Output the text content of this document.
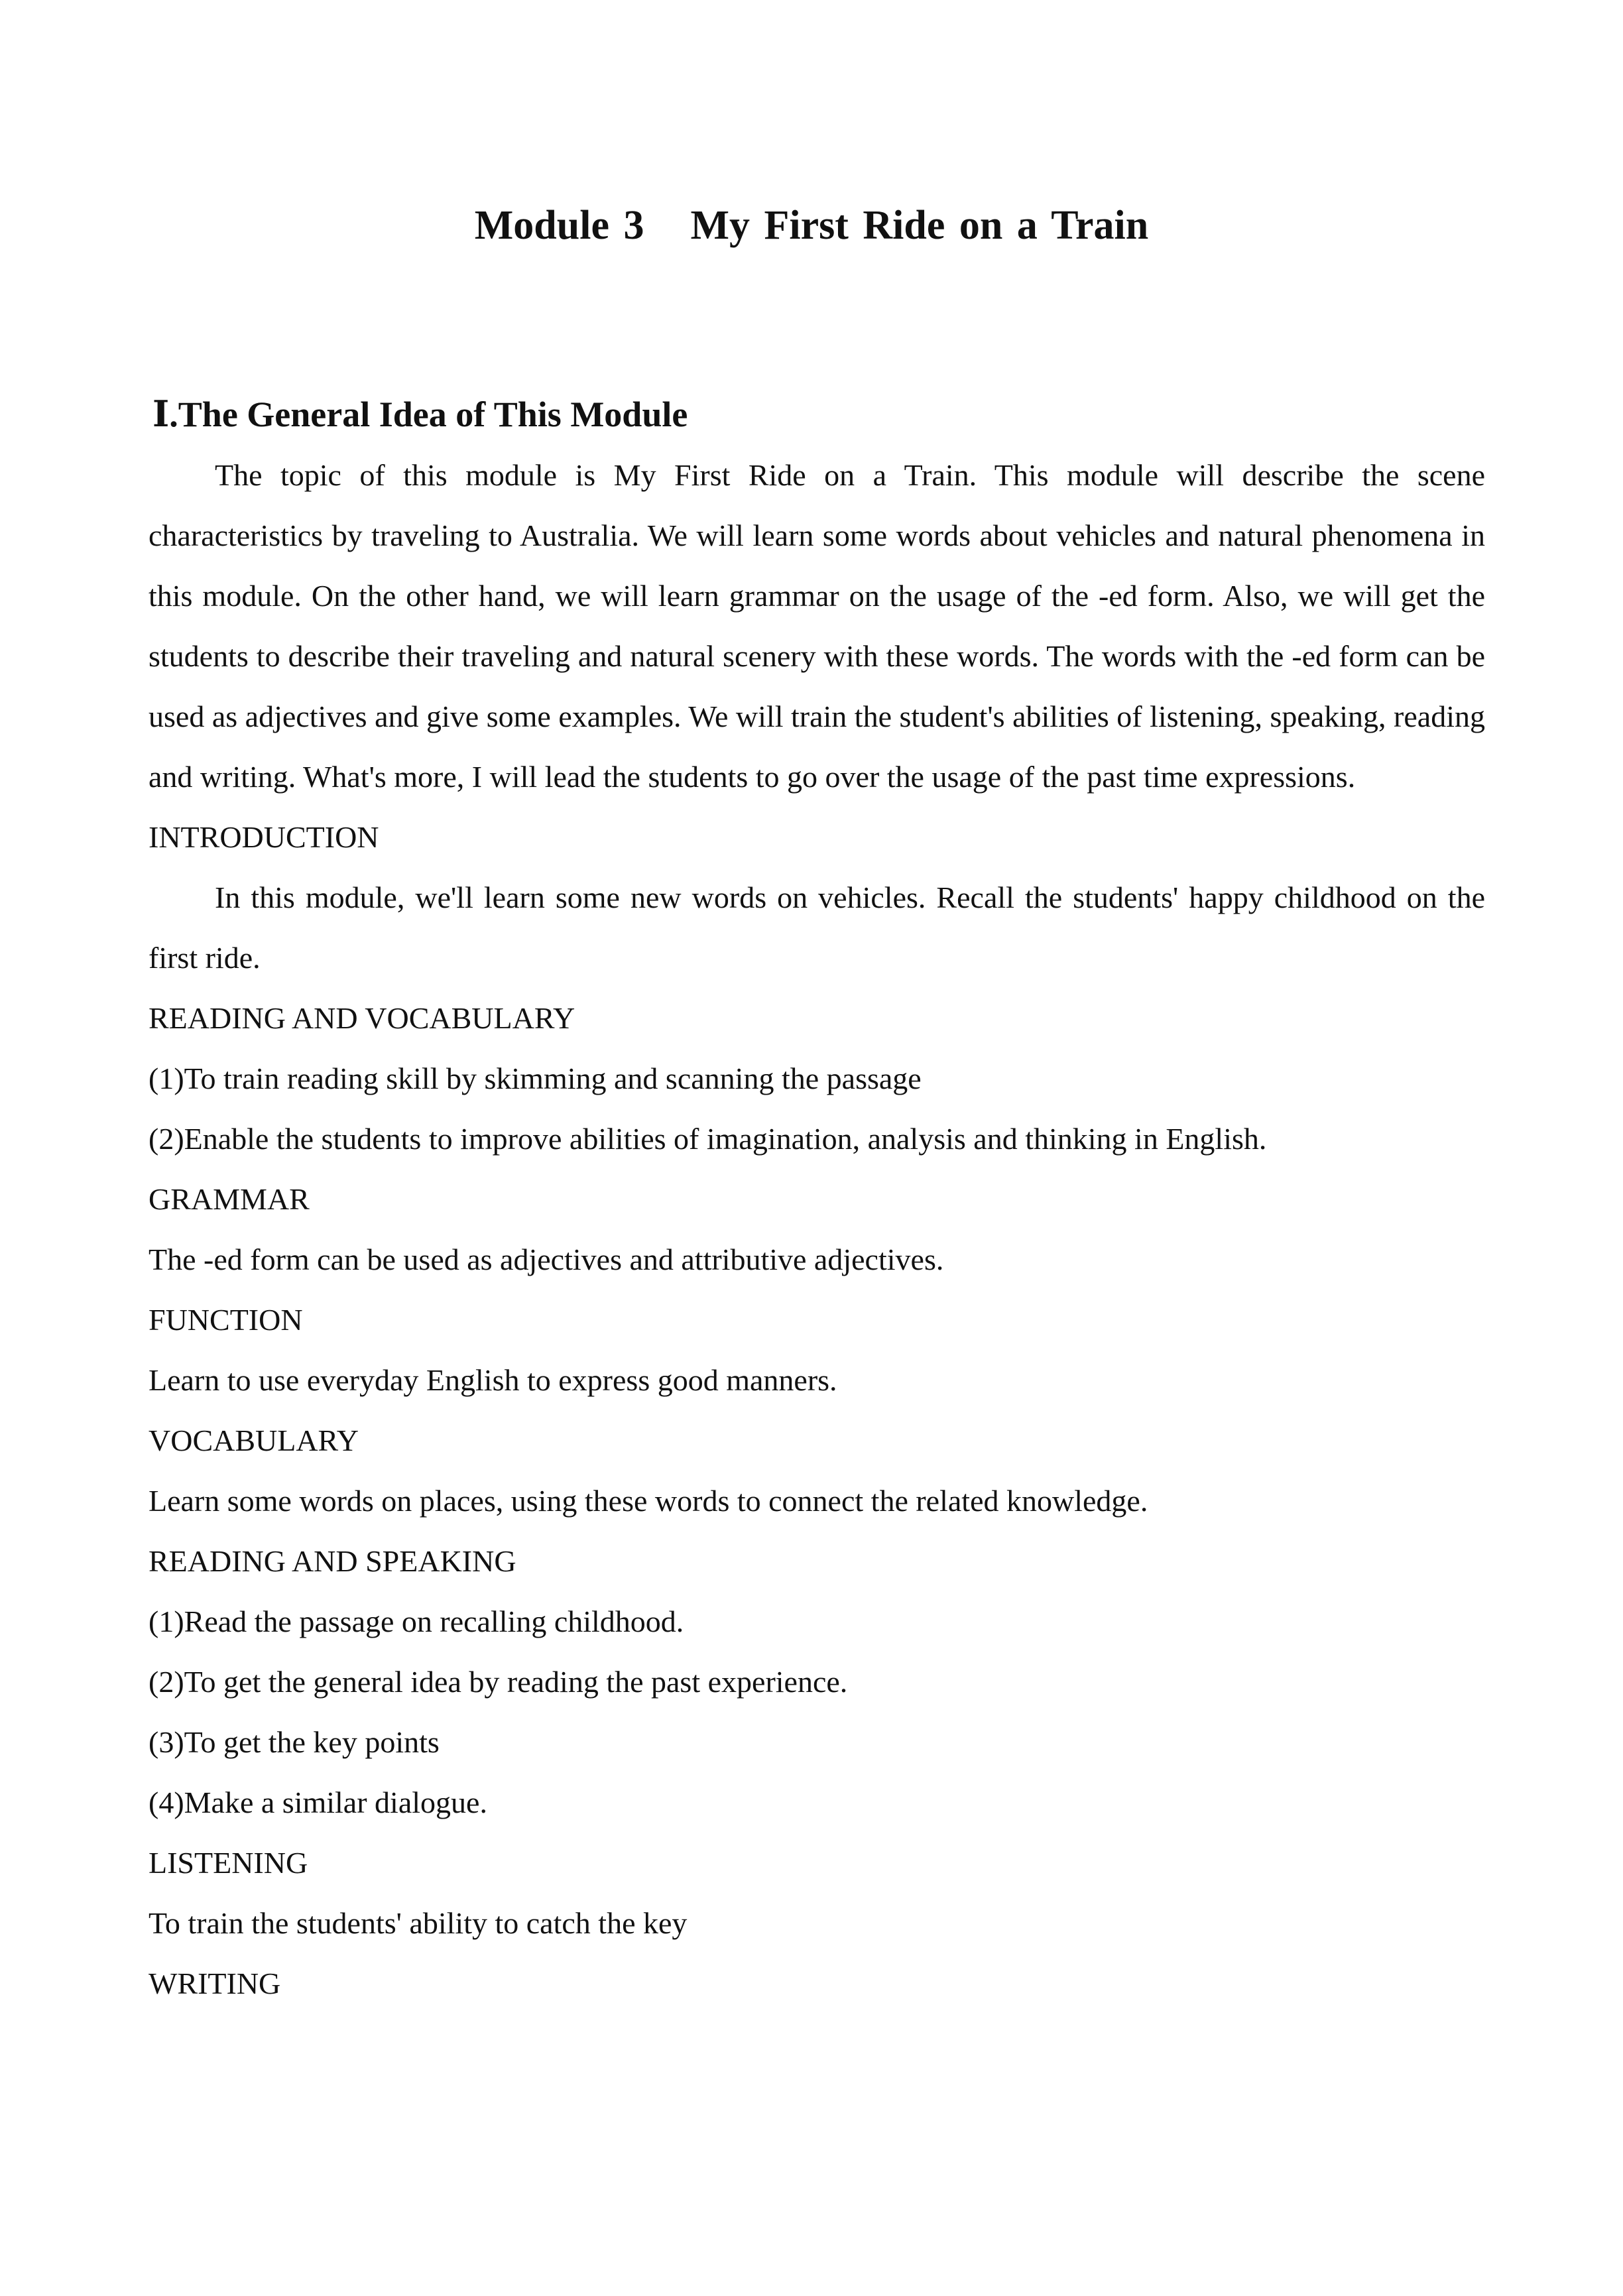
Module 3 My First Ride on a Train
Ⅰ.The General Idea of This Module

The topic of this module is My First Ride on a Train. This module will describe the scene characteristics by traveling to Australia. We will learn some words about vehicles and natural phenomena in this module. On the other hand, we will learn grammar on the usage of the -ed form. Also, we will get the students to describe their traveling and natural scenery with these words. The words with the -ed form can be used as adjectives and give some examples. We will train the student's abilities of listening, speaking, reading and writing. What's more, I will lead the students to go over the usage of the past time expressions.

INTRODUCTION

In this module, we'll learn some new words on vehicles. Recall the students' happy childhood on the first ride.

READING AND VOCABULARY

(1)To train reading skill by skimming and scanning the passage

(2)Enable the students to improve abilities of imagination, analysis and thinking in English.

GRAMMAR

The -ed form can be used as adjectives and attributive adjectives.

FUNCTION

Learn to use everyday English to express good manners.

VOCABULARY

Learn some words on places, using these words to connect the related knowledge.

READING AND SPEAKING

(1)Read the passage on recalling childhood.

(2)To get the general idea by reading the past experience.

(3)To get the key points

(4)Make a similar dialogue.

LISTENING

To train the students' ability to catch the key

WRITING
